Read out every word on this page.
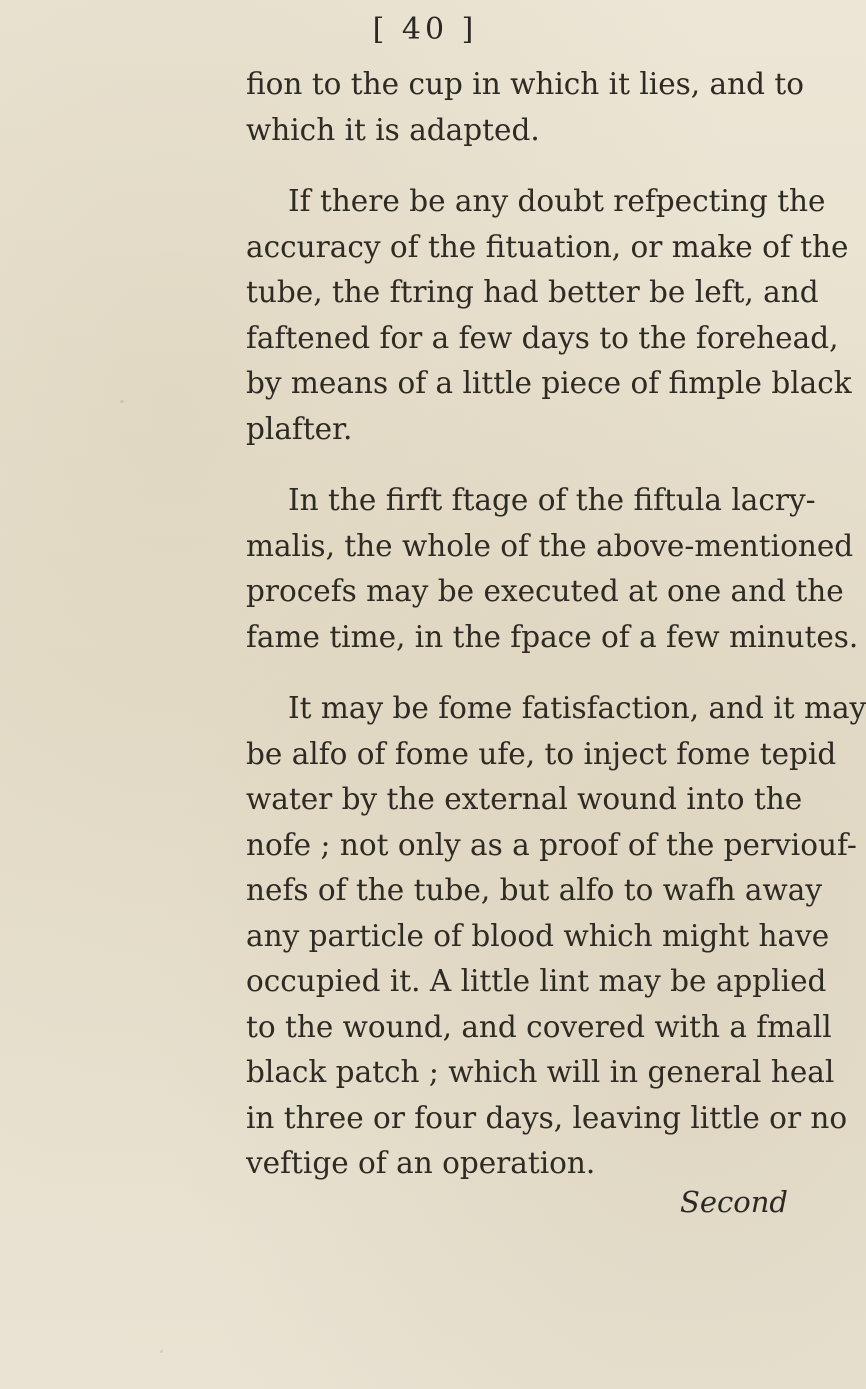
[ 40 ]
fion to the cup in which it lies, and to
which it is adapted.
If there be any doubt refpecting the
accuracy of the fituation, or make of the
tube, the ftring had better be left, and
faftened for a few days to the forehead,
by means of a little piece of fimple black
plafter.
In the firft ftage of the fiftula lacry-
malis, the whole of the above-mentioned
procefs may be executed at one and the
fame time, in the fpace of a few minutes.
It may be fome fatisfaction, and it may
be alfo of fome ufe, to inject fome tepid
water by the external wound into the
nofe ; not only as a proof of the perviouf-
nefs of the tube, but alfo to wafh away
any particle of blood which might have
occupied it. A little lint may be applied
to the wound, and covered with a fmall
black patch ; which will in general heal
in three or four days, leaving little or no
veftige of an operation.
Second
